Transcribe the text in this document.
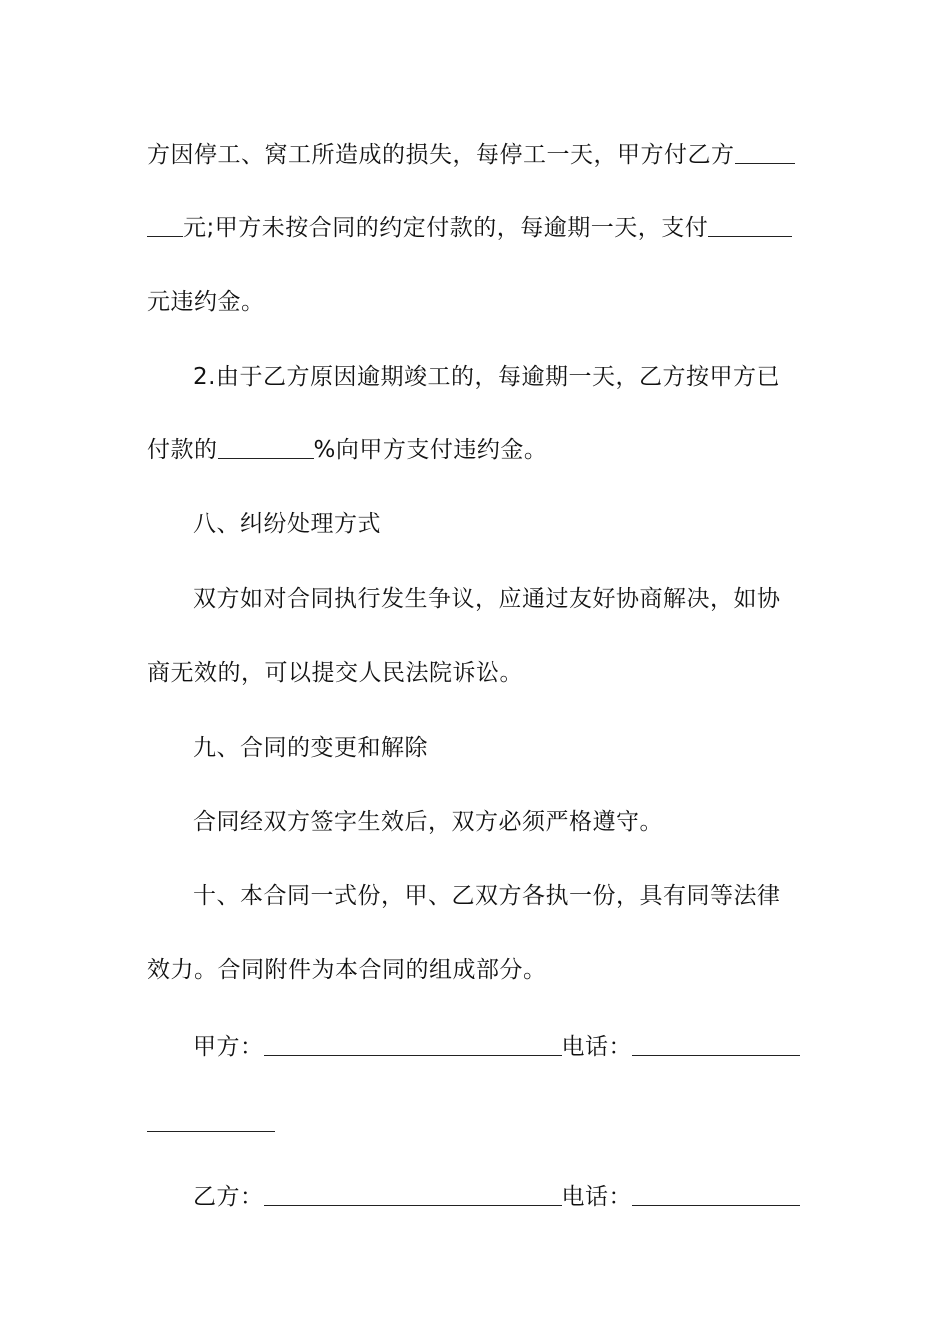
方因停工、窝工所造成的损失，每停工一天，甲方付乙方
元;甲方未按合同的约定付款的，每逾期一天，支付
元违约金。
2.由于乙方原因逾期竣工的，每逾期一天，乙方按甲方已
付款的	%向甲方支付违约金。
八、纠纷处理方式
双方如对合同执行发生争议，应通过友好协商解决，如协
商无效的，可以提交人民法院诉讼。
九、合同的变更和解除
合同经双方签字生效后，双方必须严格遵守。
十、本合同一式份，甲、乙双方各执一份，具有同等法律
效力。合同附件为本合同的组成部分。
甲方：	电话：
乙方：	电话：
